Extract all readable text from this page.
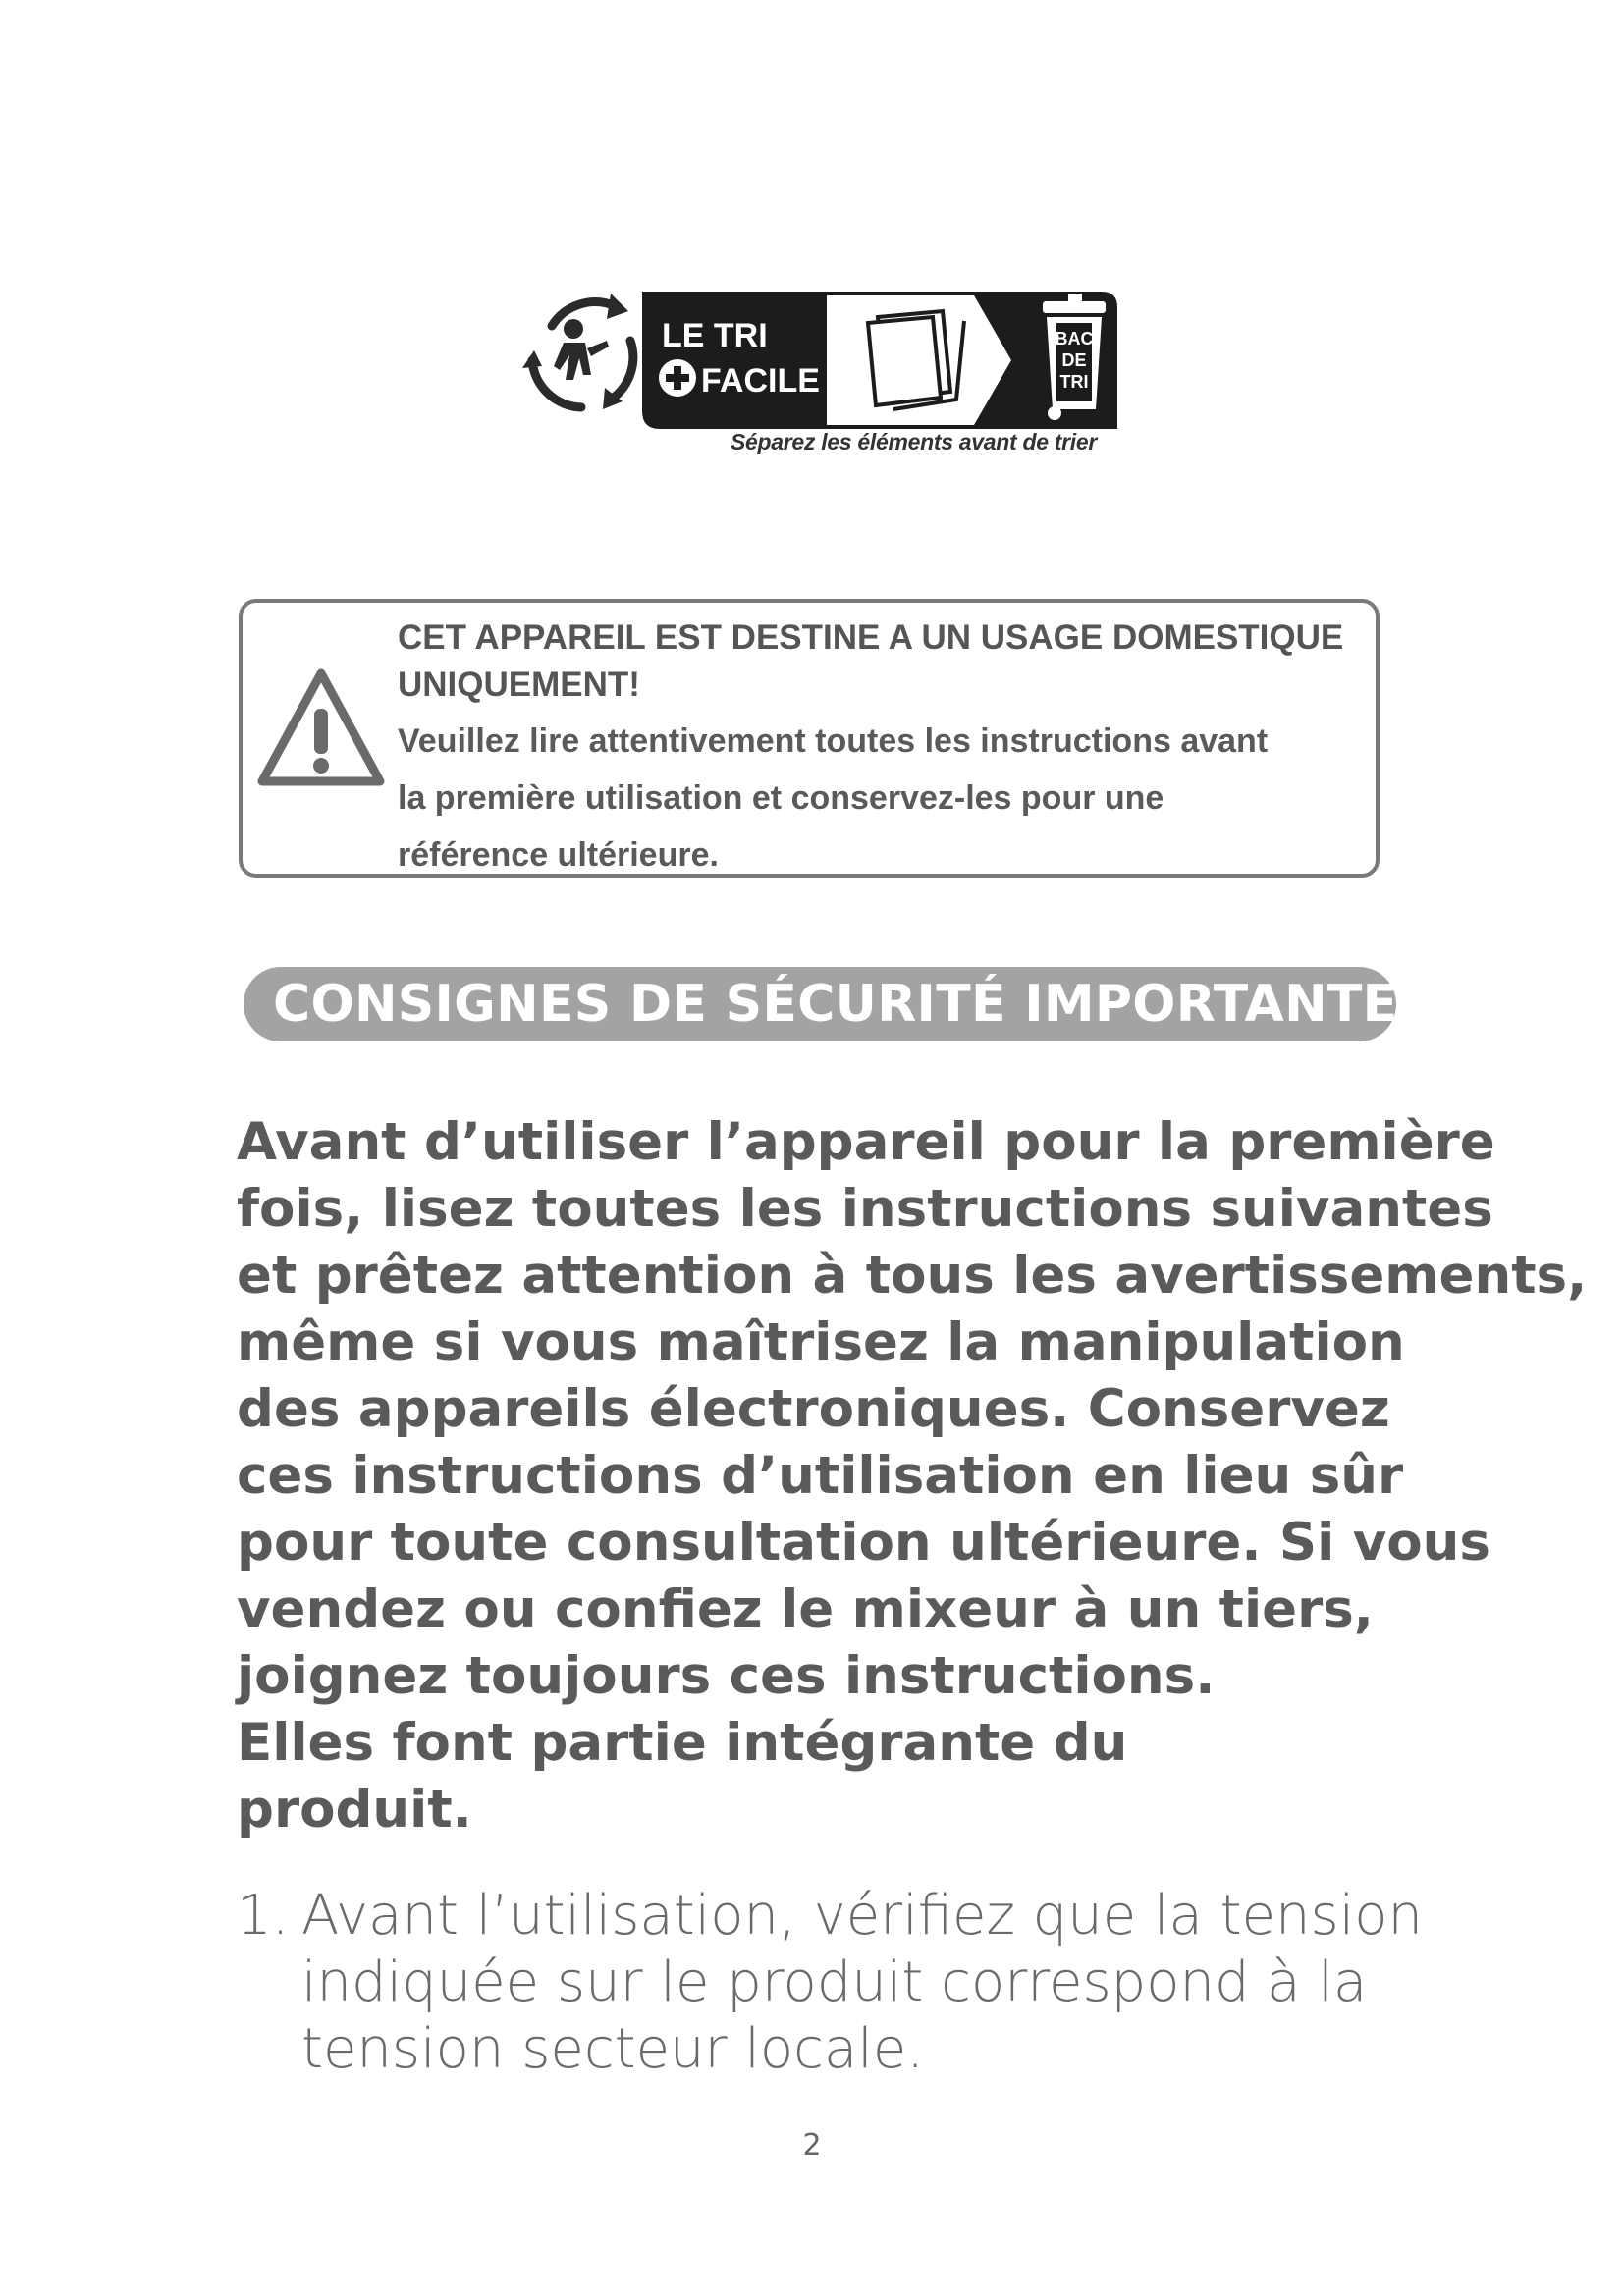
LE TRI
FACILE
BAC
DE
TRI
Séparez les éléments avant de trier
CET APPAREIL EST DESTINE A UN USAGE DOMESTIQUE
UNIQUEMENT!
Veuillez lire attentivement toutes les instructions avant
la première utilisation et conservez-les pour une
référence ultérieure.
CONSIGNES DE SÉCURITÉ IMPORTANTES
Avant d’utiliser l’appareil pour la première
fois, lisez toutes les instructions suivantes
et prêtez attention à tous les avertissements,
même si vous maîtrisez la manipulation
des appareils électroniques. Conservez
ces instructions d’utilisation en lieu sûr
pour toute consultation ultérieure. Si vous
vendez ou confiez le mixeur à un tiers,
joignez toujours ces instructions.
Elles font partie intégrante du
produit.
1. Avant l’utilisation, vérifiez que la tension
indiquée sur le produit correspond à la
tension secteur locale.
2
